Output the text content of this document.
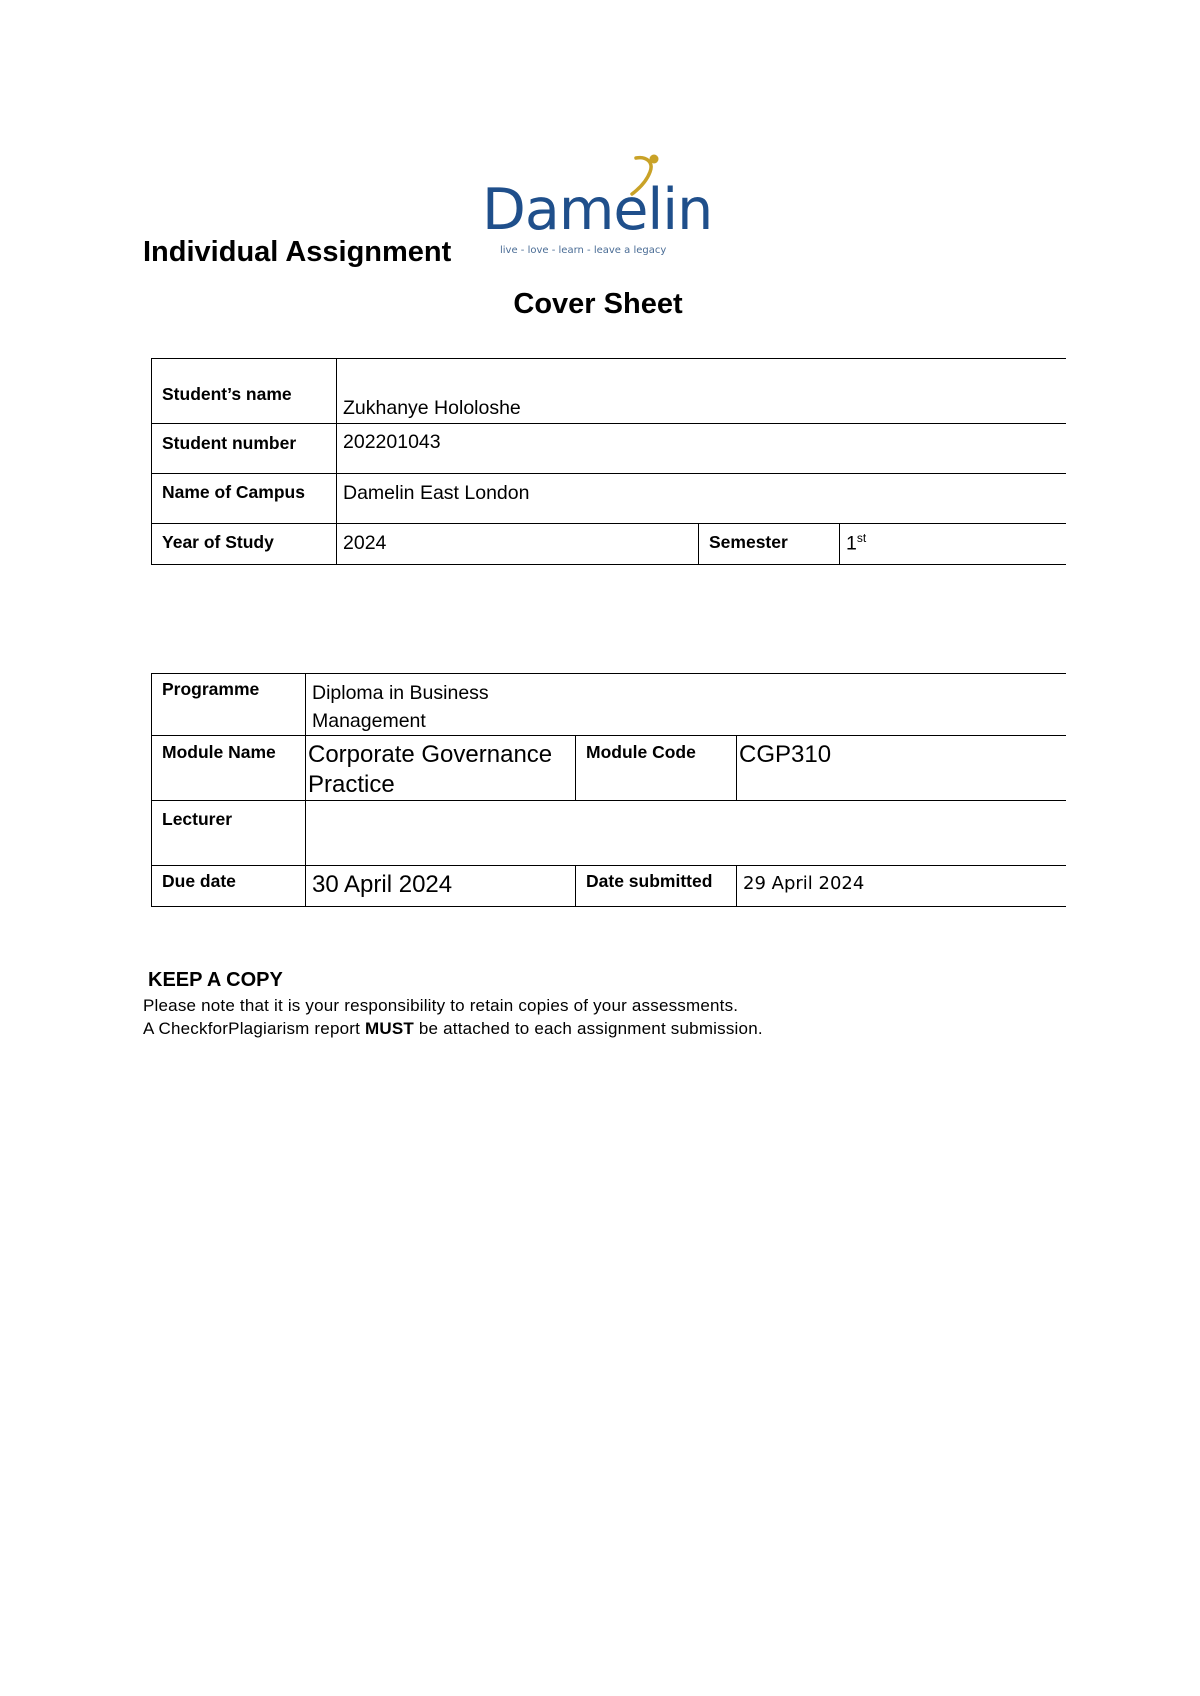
Individual Assignment
Damelin
live - love - learn - leave a legacy
Cover Sheet
Student’s name	Zukhanye Hololoshe		

Student number	202201043		

Name of Campus	Damelin East London		

Year of Study	2024	Semester	1st
Programme	Diploma in Business
Management		

Module Name	Corporate Governance Practice	Module Code	CGP310

Lecturer			

Due date	30 April 2024	Date submitted	29 April 2024
KEEP A COPY
Please note that it is your responsibility to retain copies of your assessments.
A CheckforPlagiarism report MUST be attached to each assignment submission.
